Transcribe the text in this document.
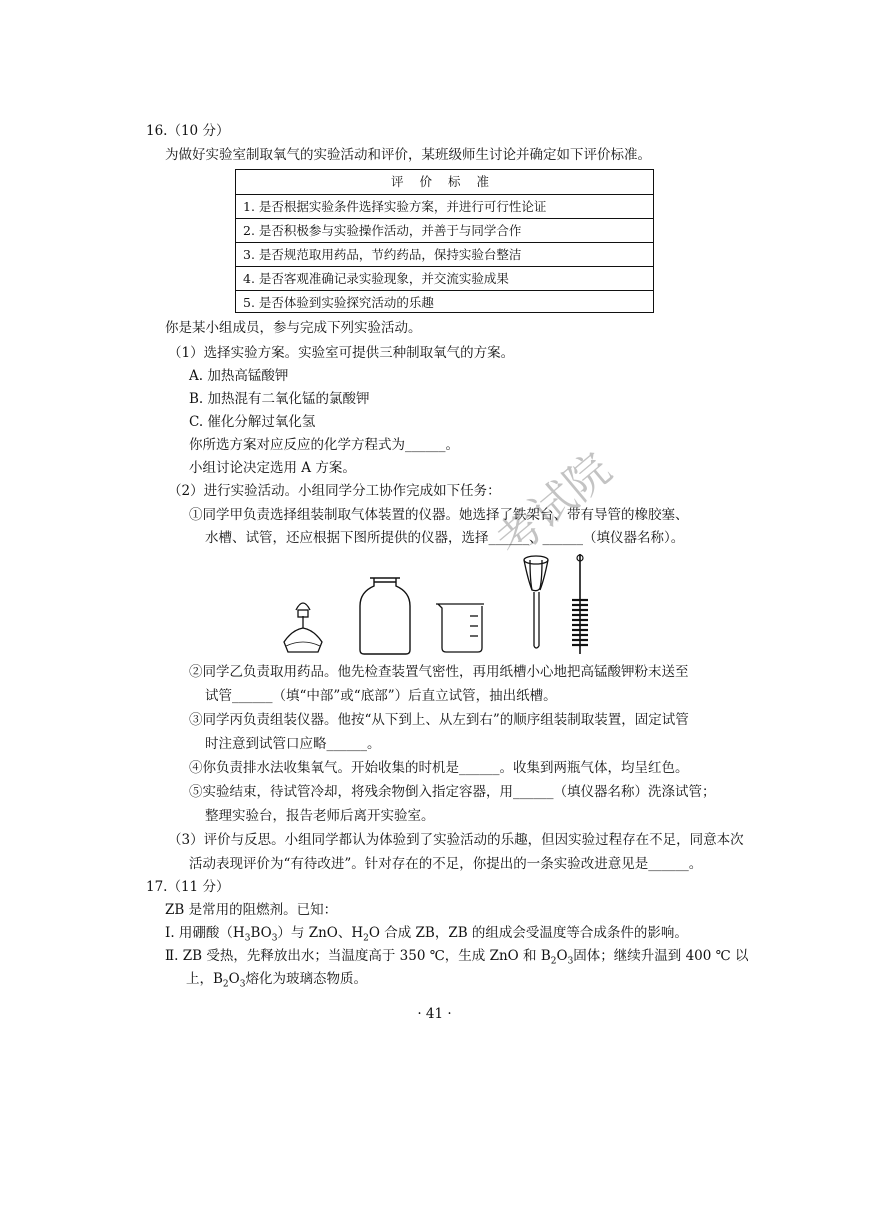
16.（10 分）
为做好实验室制取氧气的实验活动和评价，某班级师生讨论并确定如下评价标准。
评价标准
1. 是否根据实验条件选择实验方案，并进行可行性论证
2. 是否积极参与实验操作活动，并善于与同学合作
3. 是否规范取用药品，节约药品，保持实验台整洁
4. 是否客观准确记录实验现象，并交流实验成果
5. 是否体验到实验探究活动的乐趣
你是某小组成员，参与完成下列实验活动。
（1）选择实验方案。实验室可提供三种制取氧气的方案。
A. 加热高锰酸钾
B. 加热混有二氧化锰的氯酸钾
C. 催化分解过氧化氢
你所选方案对应反应的化学方程式为______。
小组讨论决定选用 A 方案。
（2）进行实验活动。小组同学分工协作完成如下任务：
①同学甲负责选择组装制取气体装置的仪器。她选择了铁架台、带有导管的橡胶塞、
水槽、试管，还应根据下图所提供的仪器，选择______、______（填仪器名称）。
②同学乙负责取用药品。他先检查装置气密性，再用纸槽小心地把高锰酸钾粉末送至
试管______（填“中部”或“底部”）后直立试管，抽出纸槽。
③同学丙负责组装仪器。他按“从下到上、从左到右”的顺序组装制取装置，固定试管
时注意到试管口应略______。
④你负责排水法收集氧气。开始收集的时机是______。收集到两瓶气体，均呈红色。
⑤实验结束，待试管冷却，将残余物倒入指定容器，用______（填仪器名称）洗涤试管；
整理实验台，报告老师后离开实验室。
（3）评价与反思。小组同学都认为体验到了实验活动的乐趣，但因实验过程存在不足，同意本次
活动表现评价为“有待改进”。针对存在的不足，你提出的一条实验改进意见是______。
17.（11 分）
ZB 是常用的阻燃剂。已知：
Ⅰ. 用硼酸$(H_3BO_3)$与 ZnO、$H_2O$ 合成 ZB，ZB 的组成会受温度等合成条件的影响。
Ⅱ. ZB 受热，先释放出水；当温度高于 350 ℃，生成 ZnO 和 $B_2O_3$固体；继续升温到 400 ℃ 以
上，$B_2O_3$熔化为玻璃态物质。
· 41 ·
考试院
